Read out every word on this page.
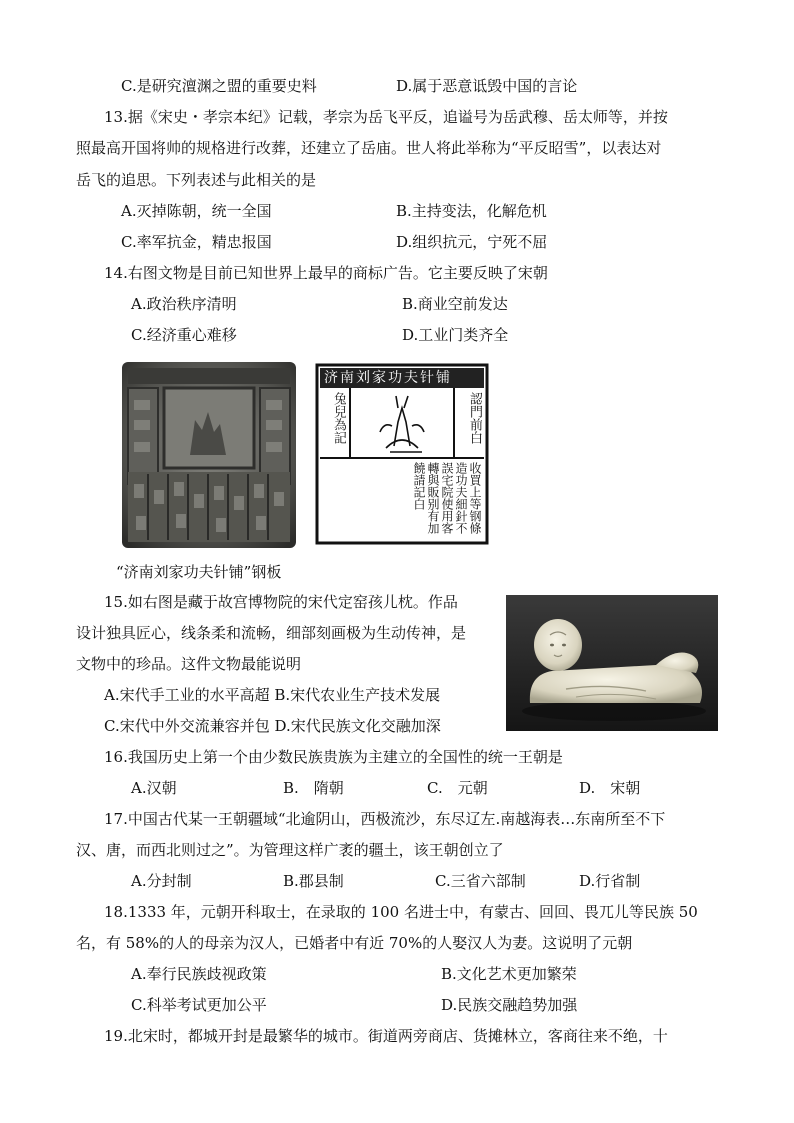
C.是研究澶渊之盟的重要史料	D.属于恶意诋毁中国的言论
13.据《宋史・孝宗本纪》记载，孝宗为岳飞平反，追谥号为岳武穆、岳太师等，并按
照最高开国将帅的规格进行改葬，还建立了岳庙。世人将此举称为“平反昭雪”，以表达对
岳飞的追思。下列表述与此相关的是
A.灭掉陈朝，统一全国	B.主持变法，化解危机
C.率军抗金，精忠报国	D.组织抗元，宁死不屈
14.右图文物是目前已知世界上最早的商标广告。它主要反映了宋朝
A.政治秩序清明	B.商业空前发达
C.经济重心难移	D.工业门类齐全
济南刘家功夫针铺
兔兒為記	認門前白
收買上等钢條造功夫細針不誤宅院使用客轉與販别有加饒請記白
“济南刘家功夫针铺”钢板
15.如右图是藏于故宫博物院的宋代定窑孩儿枕。作品
设计独具匠心，线条柔和流畅，细部刻画极为生动传神，是
文物中的珍品。这件文物最能说明
A.宋代手工业的水平高超 B.宋代农业生产技术发展
C.宋代中外交流兼容并包 D.宋代民族文化交融加深
16.我国历史上第一个由少数民族贵族为主建立的全国性的统一王朝是
A.汉朝	B.　隋朝	C.　元朝	D.　宋朝
17.中国古代某一王朝疆域“北逾阴山，西极流沙，东尽辽左.南越海表…东南所至不下
汉、唐，而西北则过之”。为管理这样广袤的疆土，该王朝创立了
A.分封制	B.郡县制	C.三省六部制	D.行省制
18.1333 年，元朝开科取士，在录取的 100 名进士中，有蒙古、回回、畏兀儿等民族 50
名，有 58%的人的母亲为汉人，已婚者中有近 70%的人娶汉人为妻。这说明了元朝
A.奉行民族歧视政策	B.文化艺术更加繁荣
C.科举考试更加公平	D.民族交融趋势加强
19.北宋时，都城开封是最繁华的城市。街道两旁商店、货摊林立，客商往来不绝，十
